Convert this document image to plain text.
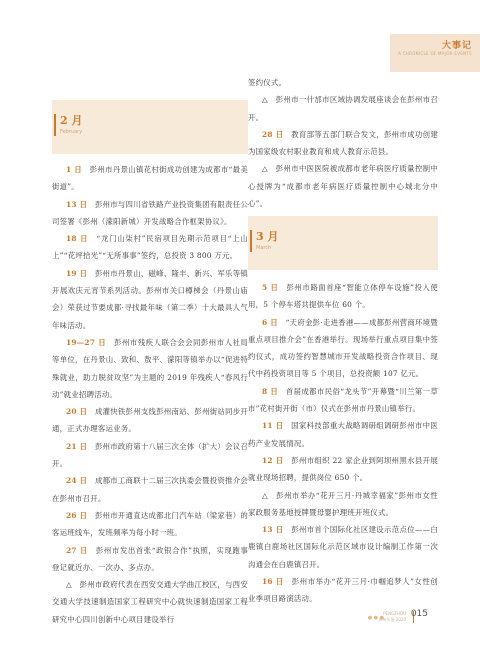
大事记
A CHRONICLE OF MAJOR EVENTS
2 月
February

1 日　 彭州市丹景山镇花村街成功创建为成都市“最美街道”。

13 日　 彭州市与四川省铁路产业投资集团有限责任公司签署《彭州（濛阳新城）开发战略合作框架协议》。

18 日　 “龙门山柒村”民宿项目先期示范项目“上山上”“花坪拾光”“无所事事”签约，总投资 3 800 万元。

19 日　 彭州市丹景山、磁峰、隆丰、新兴、军乐等镇开展欢庆元宵节系列活动。彭州市关口樽梯会（丹景山庙会）荣获过节要成都·寻找最年味（第二季）十大最具人气年味活动。

19—27 日　 彭州市残疾人联合会会同彭州市人社局等单位，在丹景山、致和、敖平、濛阳等镇举办以“促进特殊就业，助力脱贫攻坚”为主题的 2019 年残疾人“春风行动”就业招聘活动。

20 日　 成灌快铁彭州支线彭州南站、彭州街站同步开通，正式办理客运业务。

21 日　 彭州市政府第十八届三次全体（扩大）会议召开。

24 日　 成都市工商联十二届三次执委会暨投资推介会在彭州市召开。

26 日　 彭州市开通直达成都北门汽车站（梁家巷）的客运班线车，发班频率为每小时一班。

27 日　 彭州市发出首张“政银合作”执照，实现跑事登记就近办、一次办、多点办。

△　 彭州市政府代表在西安交通大学曲江校区，与西安交通大学技速制造国家工程研究中心就快速制造国家工程研究中心四川创新中心项目建设举行

签约仪式。

△　 彭州市一什邡市区域协调发展座谈会在彭州市召开。

28 日　 教育部等五部门联合发文，彭州市成功创建为国家级农村职业教育和成人教育示范县。

△　 彭州市中医医院被成都市老年病医疗质量控制中心授牌为“成都市老年病医疗质量控制中心城北分中心”。

3 月
March

5 日　 彭州市路面首座“智能立体停车设施”投入使用，5 个停车塔共提供车位 60 个。

6 日　 “天府金彭·走进香港——成都彭州营商环境暨重点项目推介会”在香港举行。现场举行重点项目集中签约仪式，成功签约智慧城市开发战略投资合作项目、现代中药投资项目等 5 个项目，总投资额 107 亿元。

8 日　 首届成都市民俗“龙头节”开幕暨“川兰第一草市”花村街开街（市）仪式在彭州市丹景山镇举行。

11 日　 国家科技部重大战略调研组调研彭州市中医药产业发展情况。

12 日　 彭州市组织 22 家企业到阿坝州黑水县开展就业现场招聘，提供岗位 650 个。

△　 彭州市举办“花开三月·丹城幸福家”彭州市女性家政服务基地授牌暨母婴护理班开班仪式。

13 日　 彭州市首个国际化社区建设示范点位——白鹿镇白鹿场社区国际化示范区域市设计编制工作第一次沟通会在白鹿镇召开。

16 日　 彭州市举办“花开三月·巾帼追梦人”女性创业季项目路演活动。

● ● ●
PENGZHOU
彭州年鉴 2020
015
